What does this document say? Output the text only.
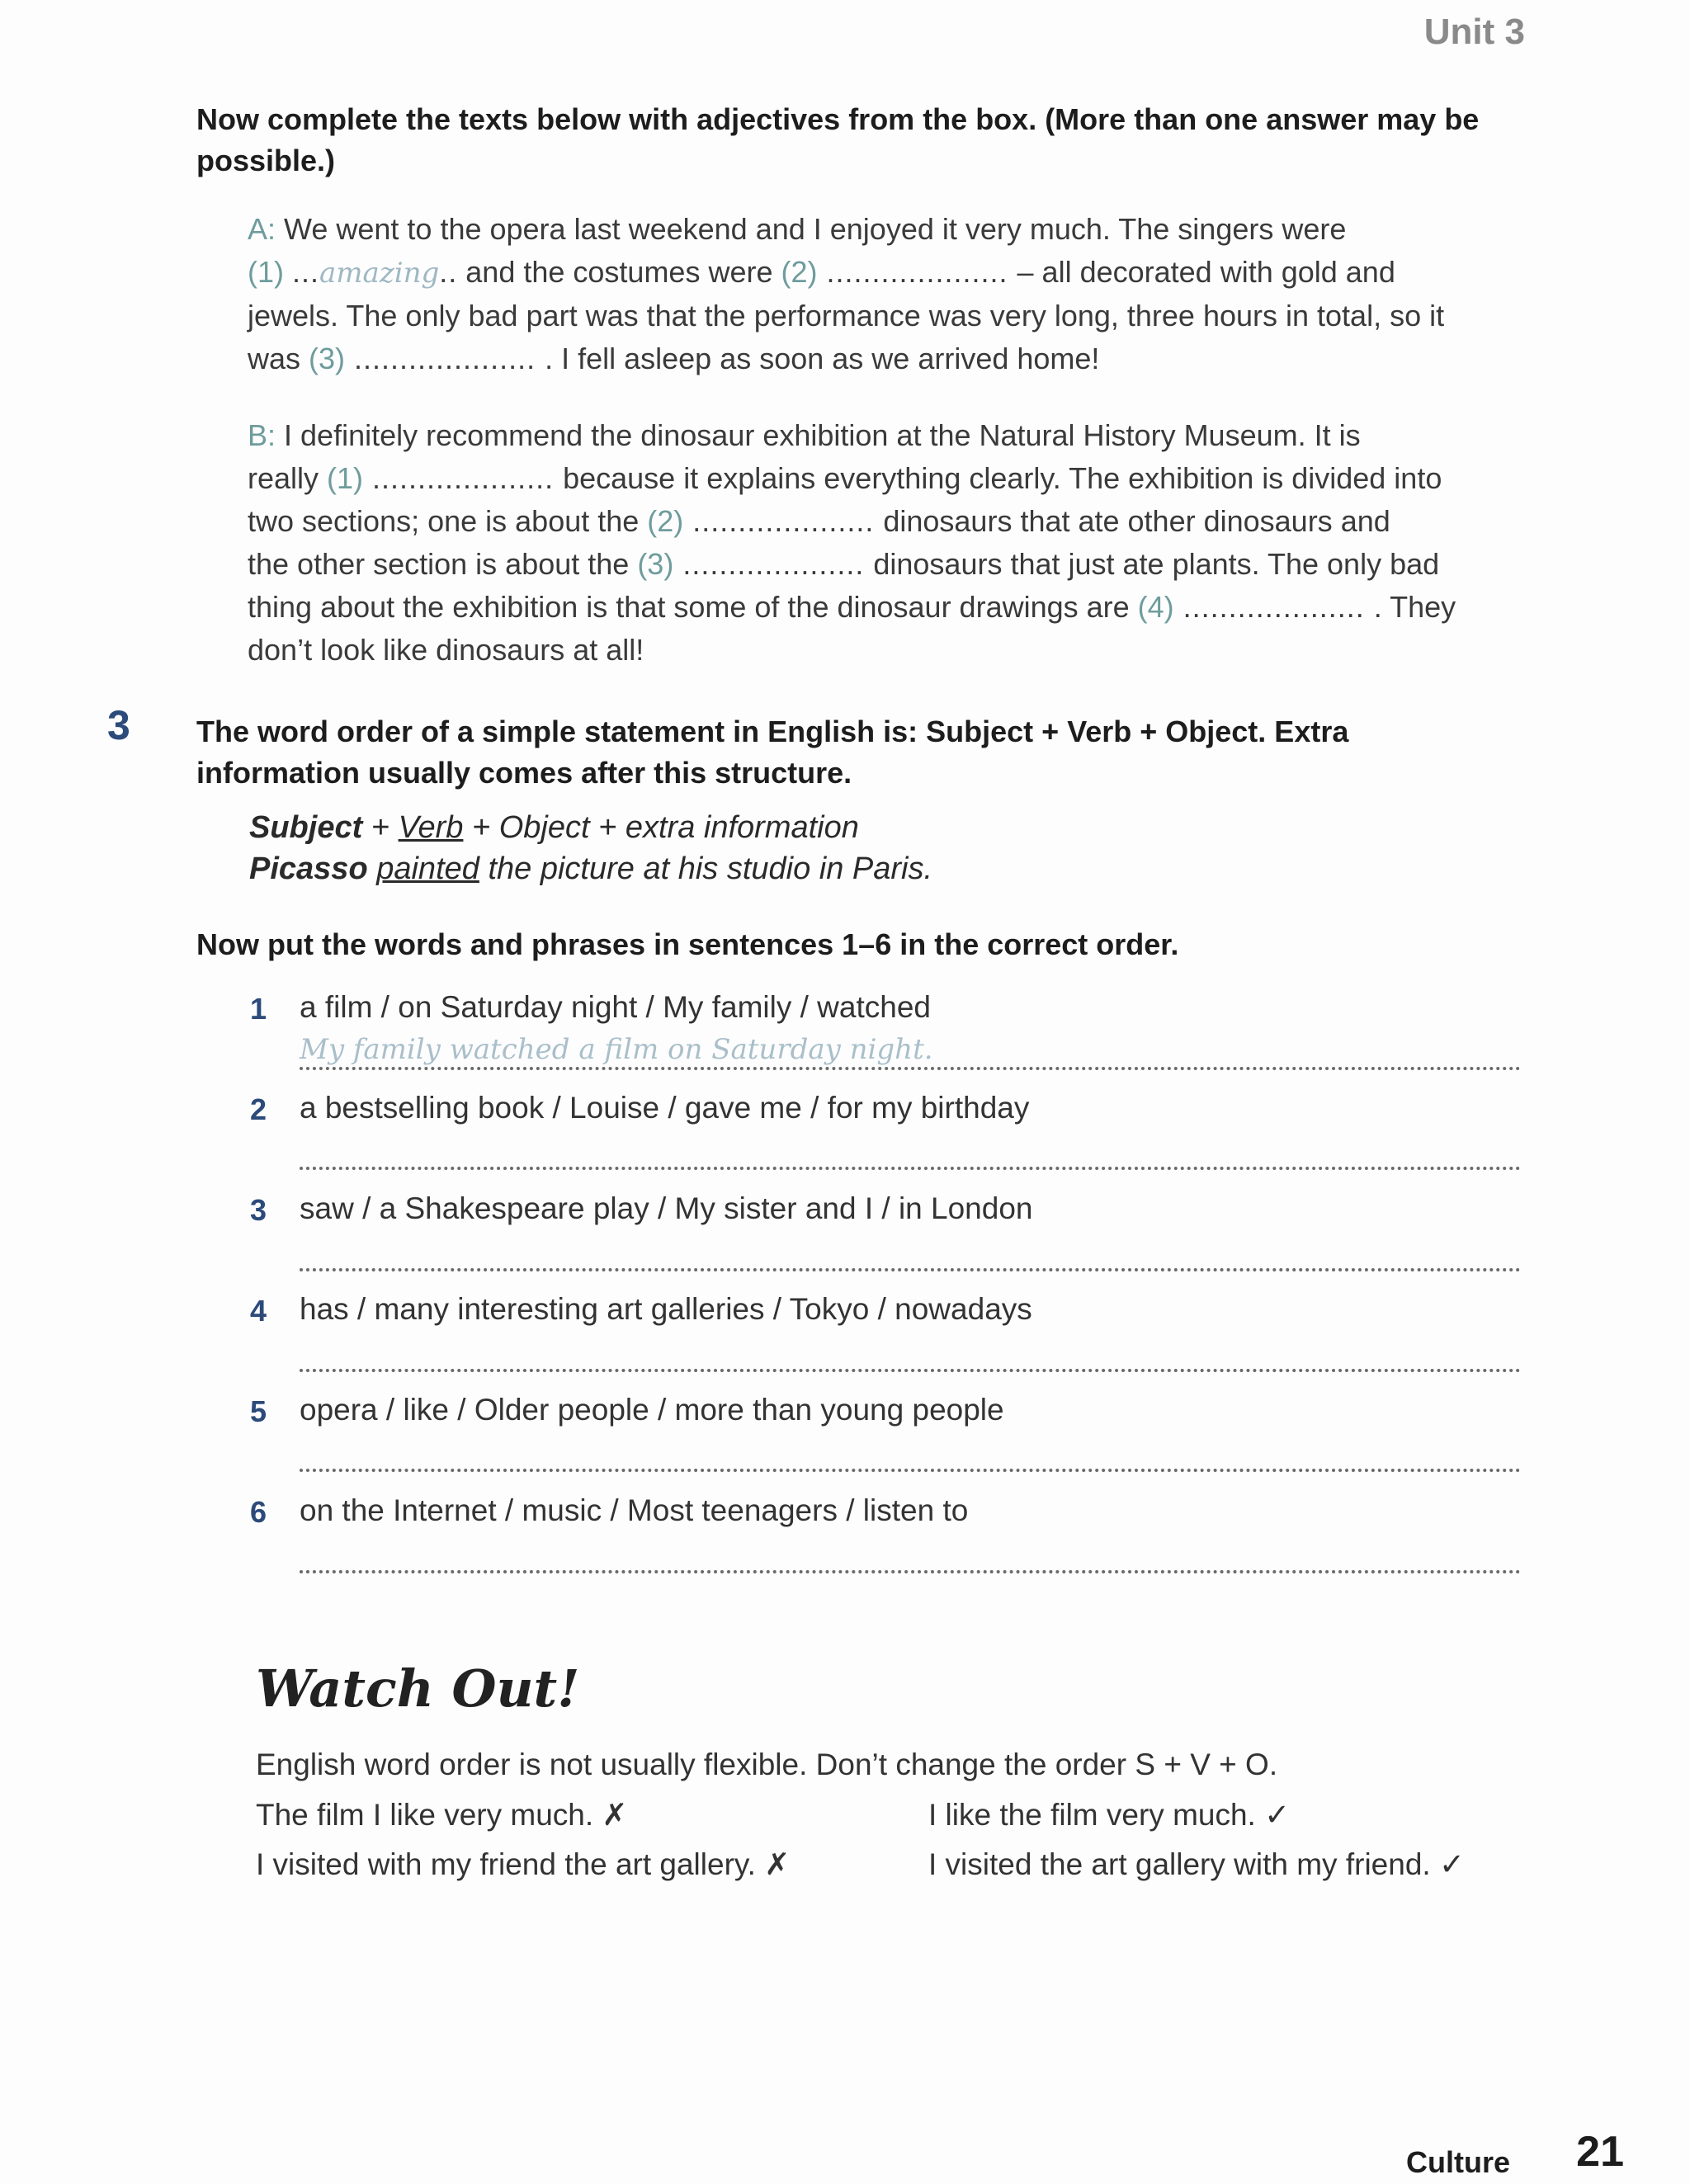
Unit 3
Now complete the texts below with adjectives from the box. (More than one answer may be possible.)
A: We went to the opera last weekend and I enjoyed it very much. The singers were
(1) ...amazing.. and the costumes were (2) .................... – all decorated with gold and
jewels. The only bad part was that the performance was very long, three hours in total, so it
was (3) .................... . I fell asleep as soon as we arrived home!
B: I definitely recommend the dinosaur exhibition at the Natural History Museum. It is
really (1) .................... because it explains everything clearly. The exhibition is divided into
two sections; one is about the (2) .................... dinosaurs that ate other dinosaurs and
the other section is about the (3) .................... dinosaurs that just ate plants. The only bad
thing about the exhibition is that some of the dinosaur drawings are (4) .................... . They
don’t look like dinosaurs at all!
3 The word order of a simple statement in English is: Subject + Verb + Object. Extra information usually comes after this structure.
Subject + Verb + Object + extra information
Picasso painted the picture at his studio in Paris.
Now put the words and phrases in sentences 1–6 in the correct order.
1 a film / on Saturday night / My family / watched
My family watched a film on Saturday night.
2 a bestselling book / Louise / gave me / for my birthday
3 saw / a Shakespeare play / My sister and I / in London
4 has / many interesting art galleries / Tokyo / nowadays
5 opera / like / Older people / more than young people
6 on the Internet / music / Most teenagers / listen to
Watch Out!
English word order is not usually flexible. Don’t change the order S + V + O.
The film I like very much. ✗	I like the film very much. ✓
I visited with my friend the art gallery. ✗	I visited the art gallery with my friend. ✓
Culture 21
